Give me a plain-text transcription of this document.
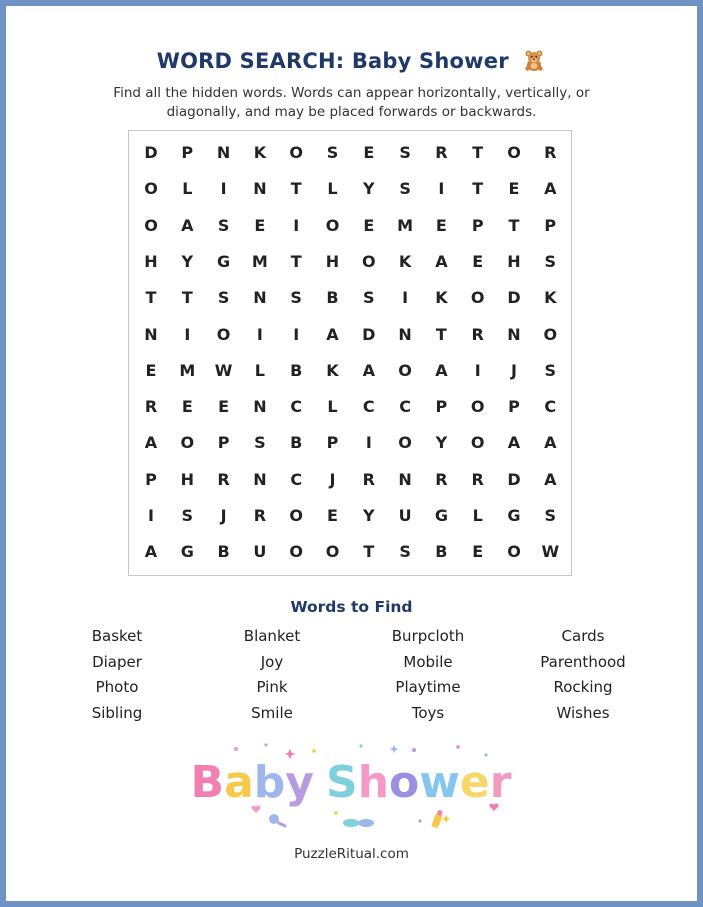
WORD SEARCH: Baby Shower
Find all the hidden words. Words can appear horizontally, vertically, or diagonally, and may be placed forwards or backwards.
D	P	N	K	O	S	E	S	R	T	O	R
O	L	I	N	T	L	Y	S	I	T	E	A
O	A	S	E	I	O	E	M	E	P	T	P
H	Y	G	M	T	H	O	K	A	E	H	S
T	T	S	N	S	B	S	I	K	O	D	K
N	I	O	I	I	A	D	N	T	R	N	O
E	M	W	L	B	K	A	O	A	I	J	S
R	E	E	N	C	L	C	C	P	O	P	C
A	O	P	S	B	P	I	O	Y	O	A	A
P	H	R	N	C	J	R	N	R	R	D	A
I	S	J	R	O	E	Y	U	G	L	G	S
A	G	B	U	O	O	T	S	B	E	O	W
Words to Find
Basket	Blanket	Burpcloth	Cards
Diaper	Joy	Mobile	Parenthood
Photo	Pink	Playtime	Rocking
Sibling	Smile	Toys	Wishes
Baby Shower
PuzzleRitual.com
